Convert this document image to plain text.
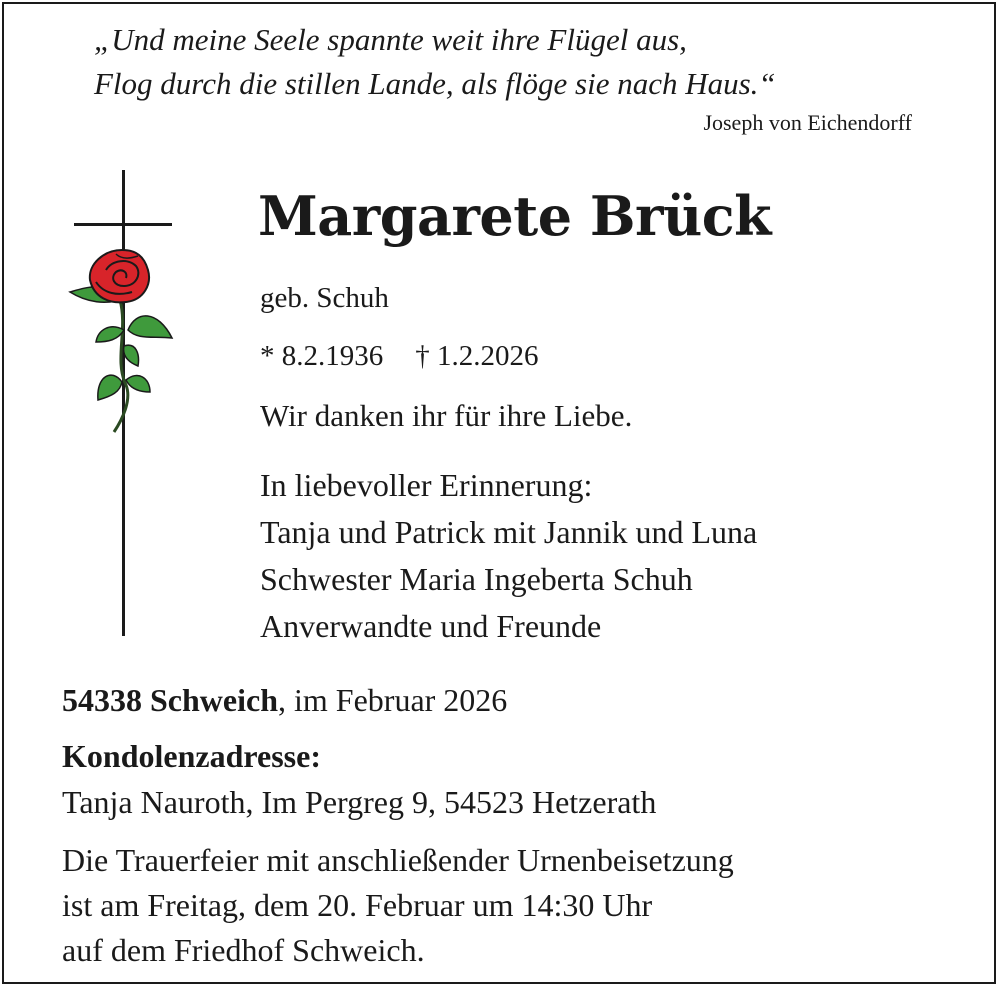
„Und meine Seele spannte weit ihre Flügel aus,
Flog durch die stillen Lande, als flöge sie nach Haus.“
Joseph von Eichendorff
Margarete Brück
geb. Schuh
* 8.2.1936 † 1.2.2026
Wir danken ihr für ihre Liebe.
In liebevoller Erinnerung:
Tanja und Patrick mit Jannik und Luna
Schwester Maria Ingeberta Schuh
Anverwandte und Freunde
54338 Schweich, im Februar 2026
Kondolenzadresse:
Tanja Nauroth, Im Pergreg 9, 54523 Hetzerath
Die Trauerfeier mit anschließender Urnenbeisetzung
ist am Freitag, dem 20. Februar um 14:30 Uhr
auf dem Friedhof Schweich.
